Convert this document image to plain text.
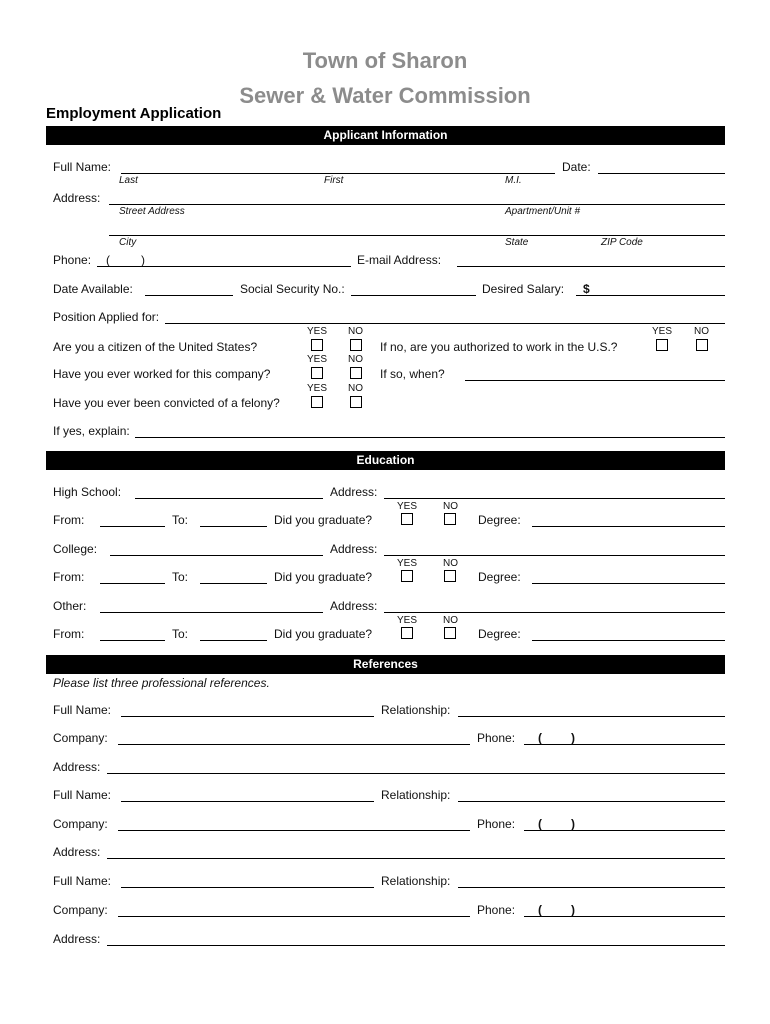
Town of Sharon
Sewer & Water Commission
Employment Application
Applicant Information
Full Name:	Date:
Last	First	M.I.
Address:
Street Address	Apartment/Unit #
City	State	ZIP Code
Phone: (	)	E-mail Address:
Date Available:	Social Security No.:	Desired Salary: $
Position Applied for:
YES NO
Are you a citizen of the United States?	If no, are you authorized to work in the U.S.?
YES NO
YES NO
Have you ever worked for this company?	If so, when?
YES NO
Have you ever been convicted of a felony?
If yes, explain:
Education
High School:	Address:
YES	NO
From:	To:	Did you graduate?	Degree:
College:	Address:
YES	NO
From:	To:	Did you graduate?	Degree:
Other:	Address:
YES	NO
From:	To:	Did you graduate?	Degree:
References
Please list three professional references.
Full Name:	Relationship:
Company:	Phone: ( )
Address:
Full Name:	Relationship:
Company:	Phone: ( )
Address:
Full Name:	Relationship:
Company:	Phone: ( )
Address:
